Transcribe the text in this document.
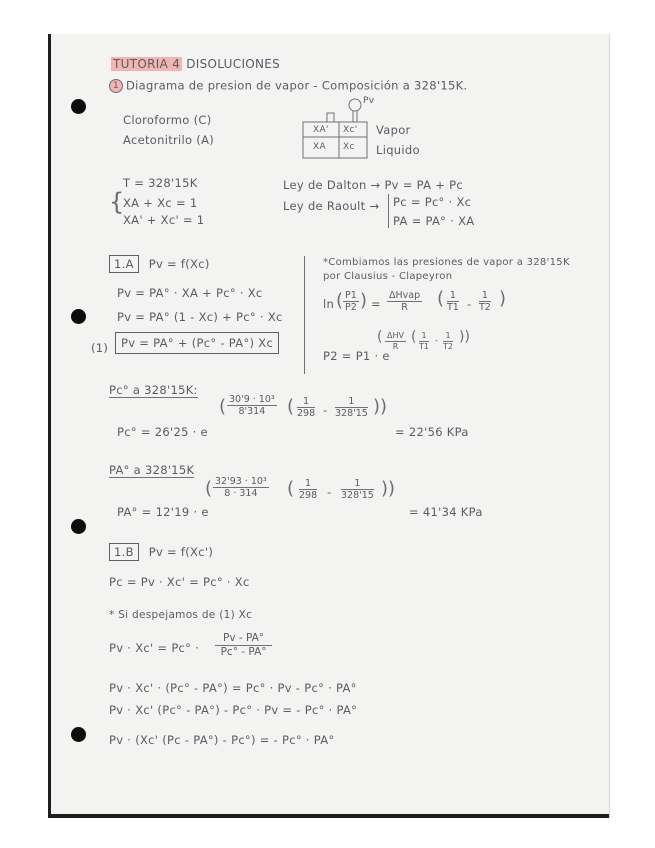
TUTORIA 4 DISOLUCIONES
1 Diagrama de presion de vapor - Composición a 328'15K.
Cloroformo (C)
Acetonitrilo (A)
Pv
XA' Xc'
XA Xc
Vapor
Liquido
T = 328'15K
{
XA + Xc = 1
XA' + Xc' = 1
Ley de Dalton → Pv = PA + Pc
Ley de Raoult → Pc = Pc° · Xc
PA = PA° · XA
1.A Pv = f(Xc)
Pv = PA° · XA + Pc° · Xc
Pv = PA° (1 - Xc) + Pc° · Xc
(1)	Pv = PA° + (Pc° - PA°) Xc
*Combiamos las presiones de vapor a 328'15K
por Clausius - Clapeyron
ln ( $\frac{P1}{P2}$ ) =
ΔHvap
R	( $\frac{1}{T1} - \frac{1}{T2}$ )
P2 = P1 · e
( ΔHV
R
( $\frac{1}{T1} - \frac{1}{T2}$ ))
Pc° a 328'15K:
Pc° = 26'25 · e
( $\frac{\text{30'9 · 10³}}{8'314}$ ( $\frac{1}{298} - \frac{1}{328'15}$ ))
= 22'56 KPa
PA° a 328'15K
PA° = 12'19 · e
( $\frac{\text{32'93 · 10³}}{8 \cdot 314}$ ( $\frac{1}{298} - \frac{1}{328'15}$ ))
= 41'34 KPa
1.B Pv = f(Xc')
Pc = Pv · Xc' = Pc° · Xc
* Si despejamos de (1) Xc
$Pv \cdot Xc' = Pc^\circ \cdot \frac{Pv - PA^\circ}{Pc^\circ - PA^\circ}$
Pv · Xc' · (Pc° - PA°) = Pc° · Pv - Pc° · PA°
Pv · Xc' (Pc° - PA°) - Pc° · Pv = - Pc° · PA°
Pv · (Xc' (Pc - PA°) - Pc°) = - Pc° · PA°
